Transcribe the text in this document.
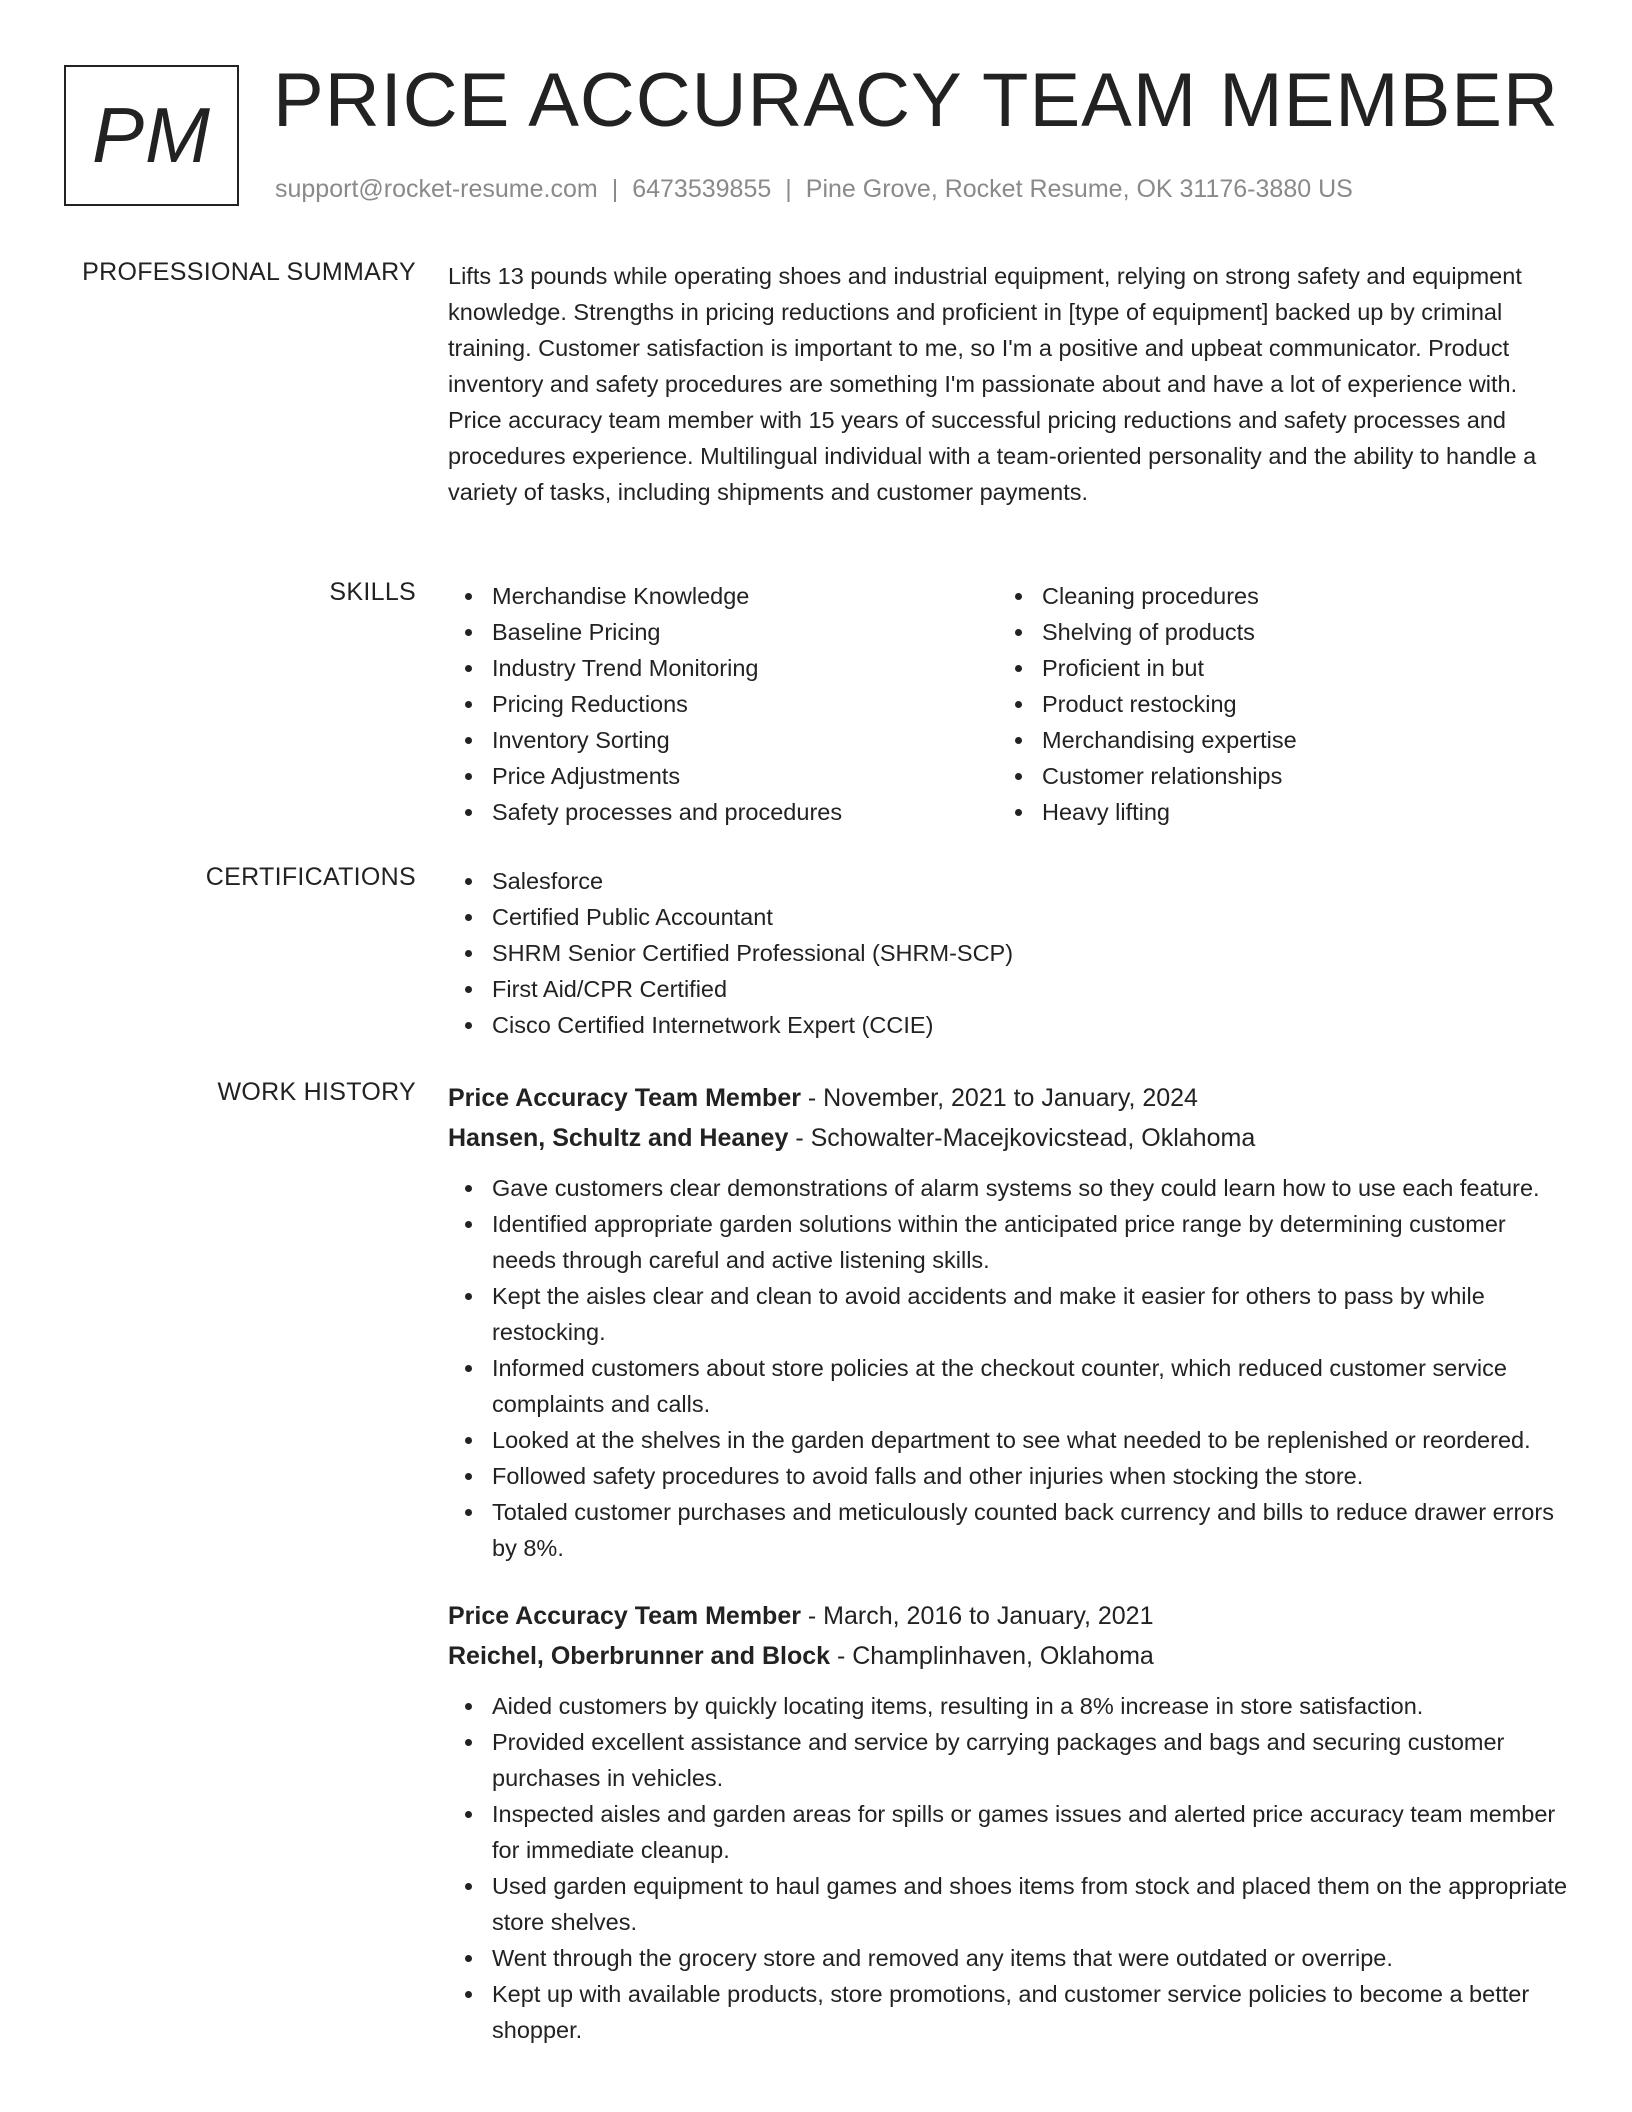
PM PRICE ACCURACY TEAM MEMBER
support@rocket-resume.com | 6473539855 | Pine Grove, Rocket Resume, OK 31176-3880 US
PROFESSIONAL SUMMARY Lifts 13 pounds while operating shoes and industrial equipment, relying on strong safety and equipment knowledge. Strengths in pricing reductions and proficient in [type of equipment] backed up by criminal training. Customer satisfaction is important to me, so I'm a positive and upbeat communicator. Product inventory and safety procedures are something I'm passionate about and have a lot of experience with. Price accuracy team member with 15 years of successful pricing reductions and safety processes and procedures experience. Multilingual individual with a team-oriented personality and the ability to handle a variety of tasks, including shipments and customer payments.

SKILLS	Merchandise Knowledge
Baseline Pricing
Industry Trend Monitoring
Pricing Reductions
Inventory Sorting
Price Adjustments
Safety processes and procedures
Cleaning procedures
Shelving of products
Proficient in but
Product restocking
Merchandising expertise
Customer relationships
Heavy lifting
CERTIFICATIONS	Salesforce
Certified Public Accountant
SHRM Senior Certified Professional (SHRM-SCP)
First Aid/CPR Certified
Cisco Certified Internetwork Expert (CCIE)
WORK HISTORY Price Accuracy Team Member - November, 2021 to January, 2024
Hansen, Schultz and Heaney - Schowalter-Macejkovicstead, Oklahoma
Gave customers clear demonstrations of alarm systems so they could learn how to use each feature.
Identified appropriate garden solutions within the anticipated price range by determining customer needs through careful and active listening skills.
Kept the aisles clear and clean to avoid accidents and make it easier for others to pass by while restocking.
Informed customers about store policies at the checkout counter, which reduced customer service complaints and calls.
Looked at the shelves in the garden department to see what needed to be replenished or reordered.
Followed safety procedures to avoid falls and other injuries when stocking the store.
Totaled customer purchases and meticulously counted back currency and bills to reduce drawer errors by 8%.
Price Accuracy Team Member - March, 2016 to January, 2021
Reichel, Oberbrunner and Block - Champlinhaven, Oklahoma
Aided customers by quickly locating items, resulting in a 8% increase in store satisfaction.
Provided excellent assistance and service by carrying packages and bags and securing customer purchases in vehicles.
Inspected aisles and garden areas for spills or games issues and alerted price accuracy team member for immediate cleanup.
Used garden equipment to haul games and shoes items from stock and placed them on the appropriate store shelves.
Went through the grocery store and removed any items that were outdated or overripe.
Kept up with available products, store promotions, and customer service policies to become a better shopper.
